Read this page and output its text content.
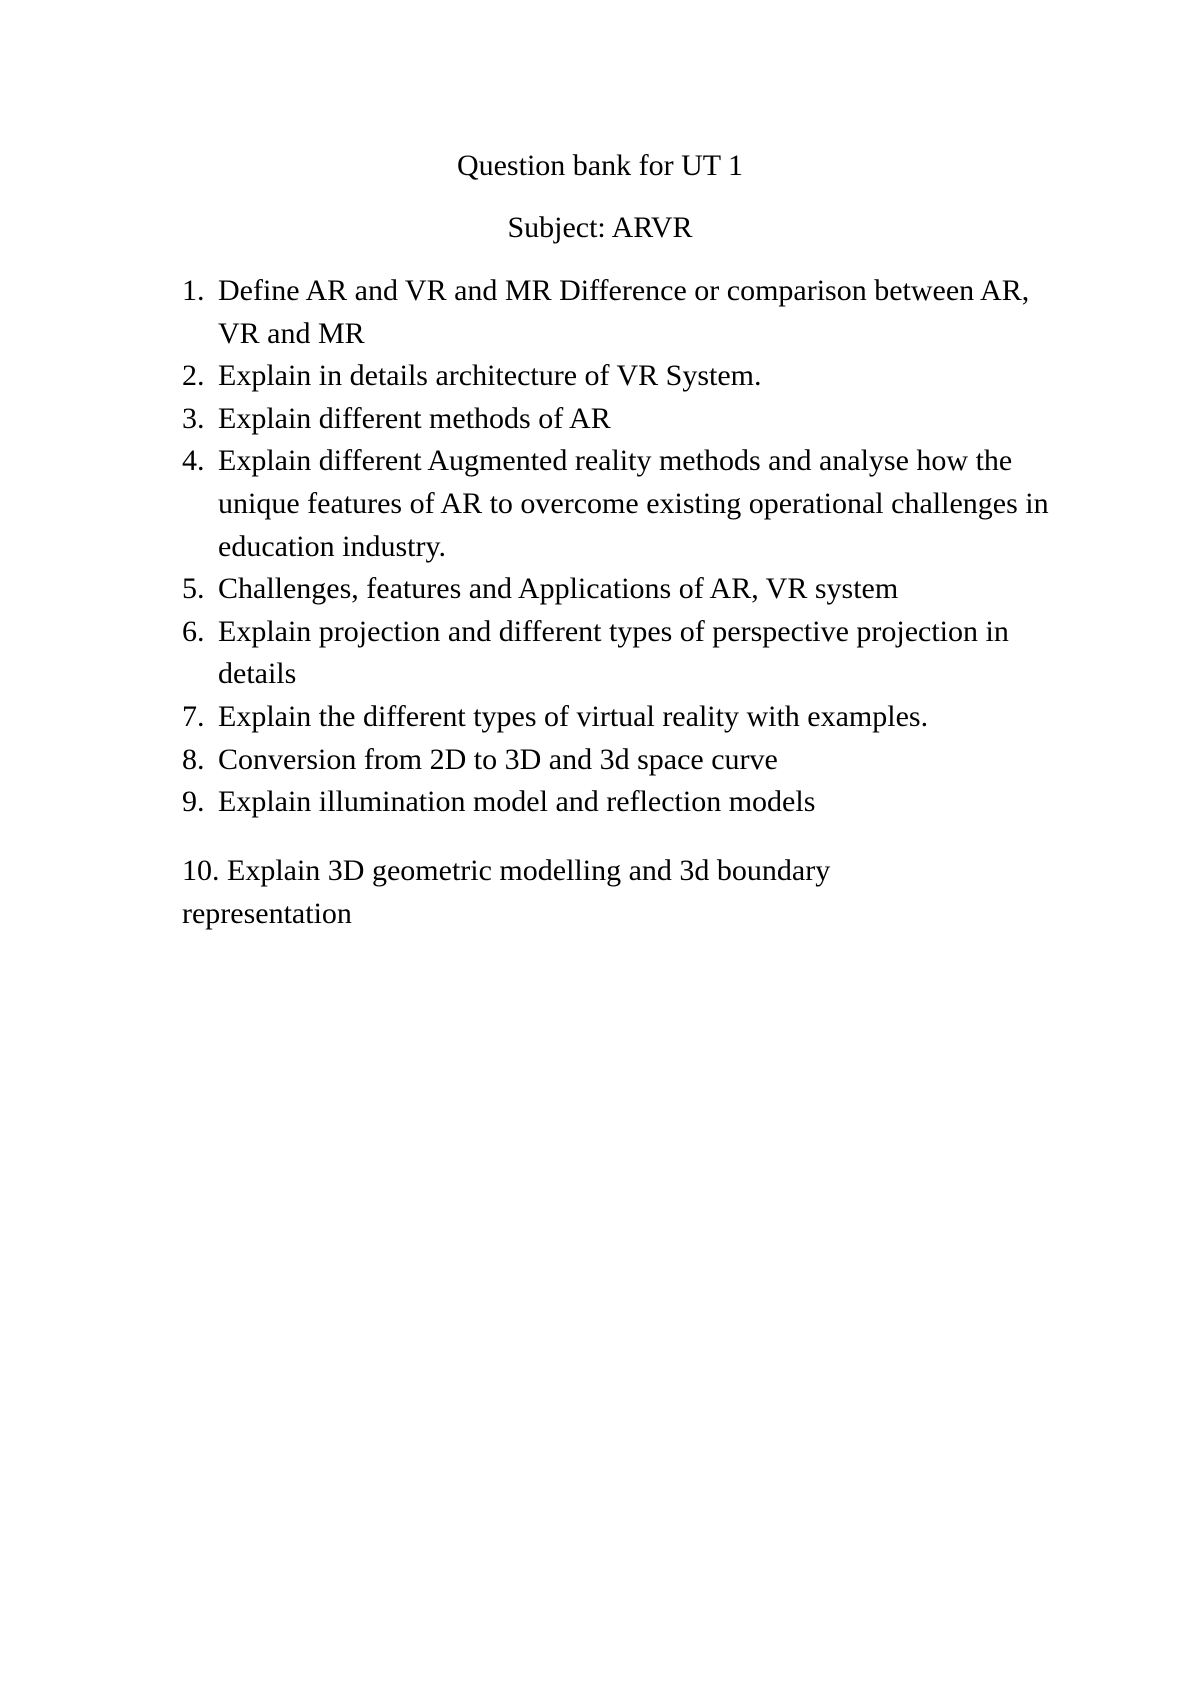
Question bank for UT 1

Subject: ARVR

1. Define AR and VR and MR Difference or comparison between AR, VR and MR
2. Explain in details architecture of VR System.
3. Explain different methods of AR
4. Explain different Augmented reality methods and analyse how the unique features of AR to overcome existing operational challenges in education industry.
5. Challenges, features and Applications of AR, VR system
6. Explain projection and different types of perspective projection in details
7. Explain the different types of virtual reality with examples.
8. Conversion from 2D to 3D and 3d space curve
9. Explain illumination model and reflection models

10. Explain 3D geometric modelling and 3d boundary representation
